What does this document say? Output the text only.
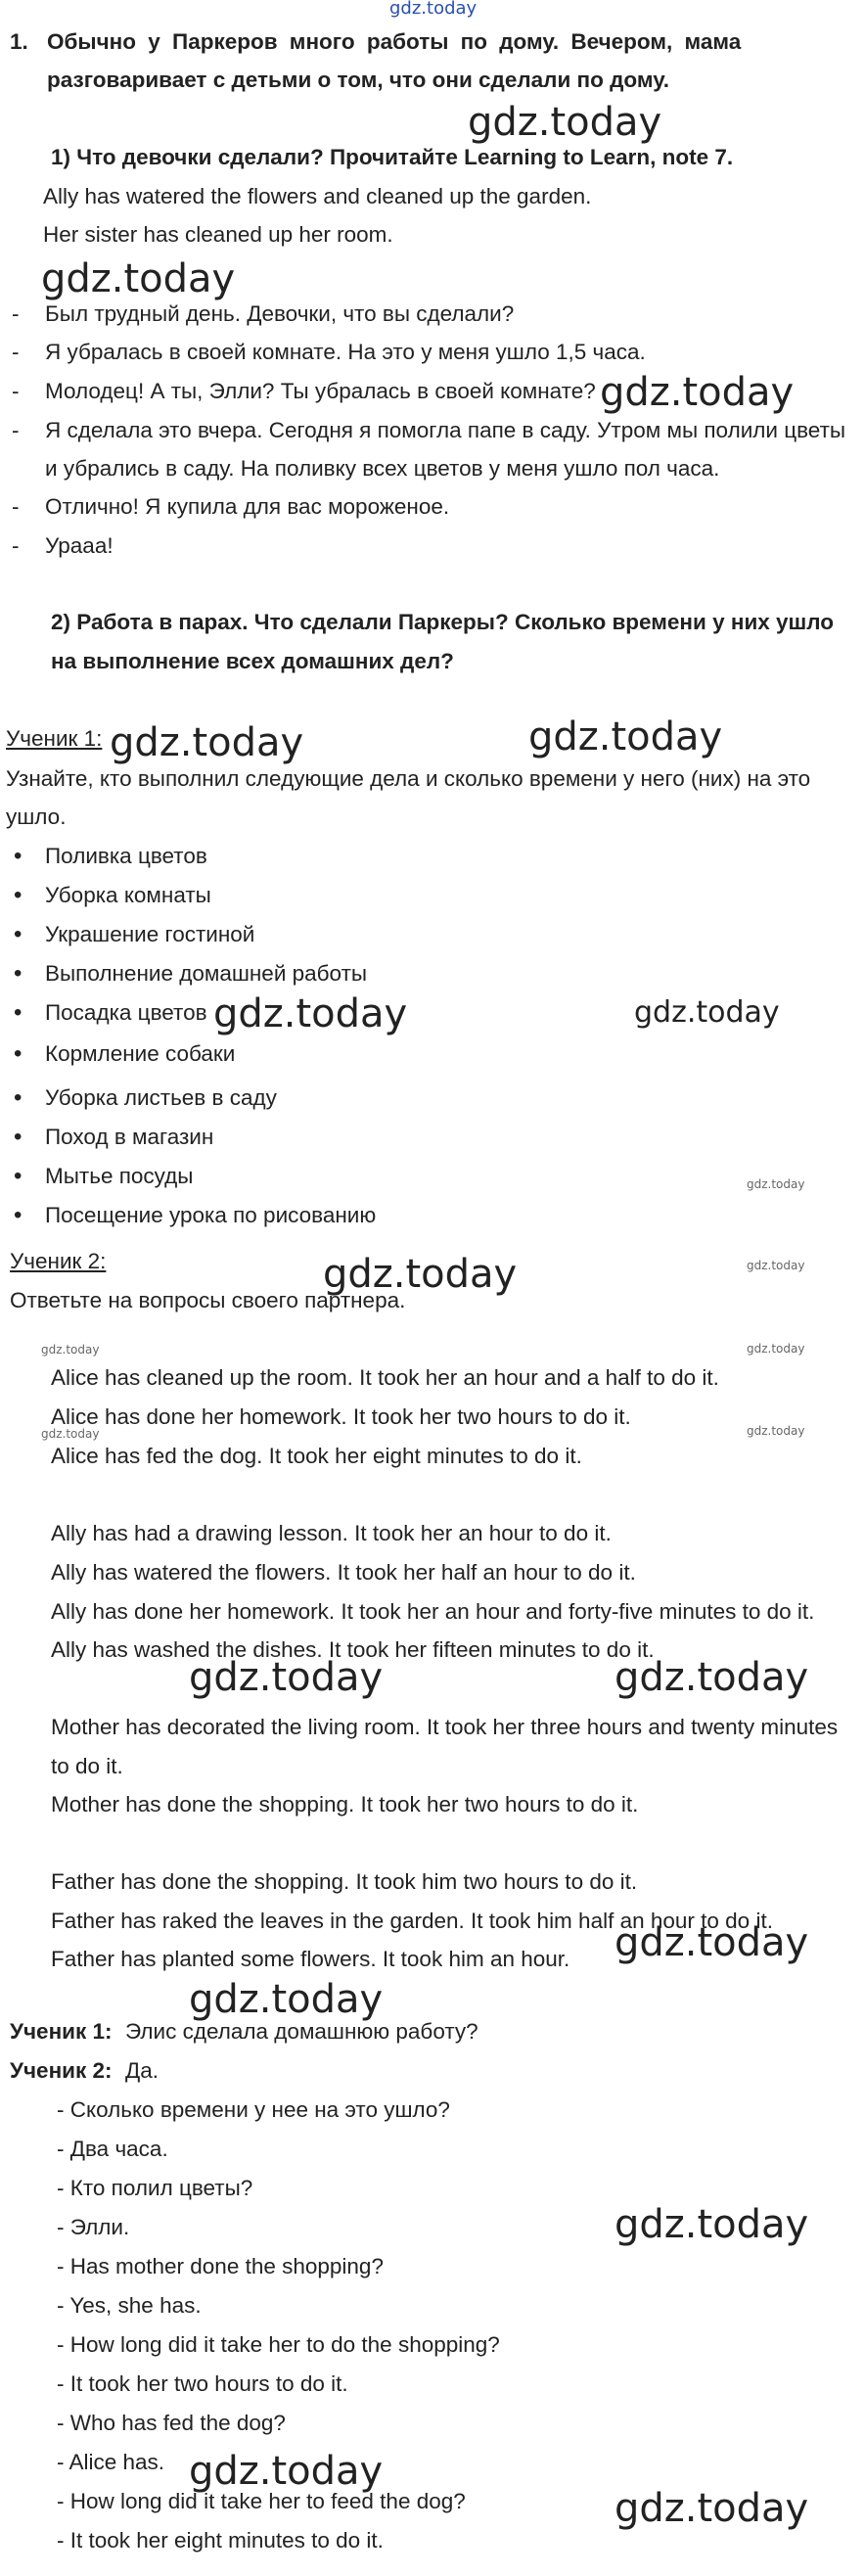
gdz.today
gdz.today
gdz.today
gdz.today
gdz.today	gdz.today
gdz.today	gdz.today
gdz.today
gdz.today	gdz.today
gdz.today	gdz.today
gdz.today	gdz.today
gdz.today	gdz.today
gdz.today
gdz.today
gdz.today
gdz.today
gdz.today
1. Обычно у Паркеров много работы по дому. Вечером, мама
разговаривает с детьми о том, что они сделали по дому.
1) Что девочки сделали? Прочитайте Learning to Learn, note 7.
Ally has watered the flowers and cleaned up the garden.
Her sister has cleaned up her room.
- Был трудный день. Девочки, что вы сделали?
- Я убралась в своей комнате. На это у меня ушло 1,5 часа.
- Молодец! А ты, Элли? Ты убралась в своей комнате?
- Я сделала это вчера. Сегодня я помогла папе в саду. Утром мы полили цветы
и убрались в саду. На поливку всех цветов у меня ушло пол часа.
- Отлично! Я купила для вас мороженое.
- Урааа!
2) Работа в парах. Что сделали Паркеры? Сколько времени у них ушло
на выполнение всех домашних дел?
Ученик 1:
Узнайте, кто выполнил следующие дела и сколько времени у него (них) на это
ушло.
• Поливка цветов
• Уборка комнаты
• Украшение гостиной
• Выполнение домашней работы
• Посадка цветов
• Кормление собаки
• Уборка листьев в саду
• Поход в магазин
• Мытье посуды
• Посещение урока по рисованию
Ученик 2:
Ответьте на вопросы своего партнера.
Alice has cleaned up the room. It took her an hour and a half to do it.
Alice has done her homework. It took her two hours to do it.
Alice has fed the dog. It took her eight minutes to do it.
Ally has had a drawing lesson. It took her an hour to do it.
Ally has watered the flowers. It took her half an hour to do it.
Ally has done her homework. It took her an hour and forty-five minutes to do it.
Ally has washed the dishes. It took her fifteen minutes to do it.
Mother has decorated the living room. It took her three hours and twenty minutes
to do it.
Mother has done the shopping. It took her two hours to do it.
Father has done the shopping. It took him two hours to do it.
Father has raked the leaves in the garden. It took him half an hour to do it.
Father has planted some flowers. It took him an hour.
Ученик 1: Элис сделала домашнюю работу?
Ученик 2: Да.
- Сколько времени у нее на это ушло?
- Два часа.
- Кто полил цветы?
- Элли.
- Has mother done the shopping?
- Yes, she has.
- How long did it take her to do the shopping?
- It took her two hours to do it.
- Who has fed the dog?
- Alice has.
- How long did it take her to feed the dog?
- It took her eight minutes to do it.
